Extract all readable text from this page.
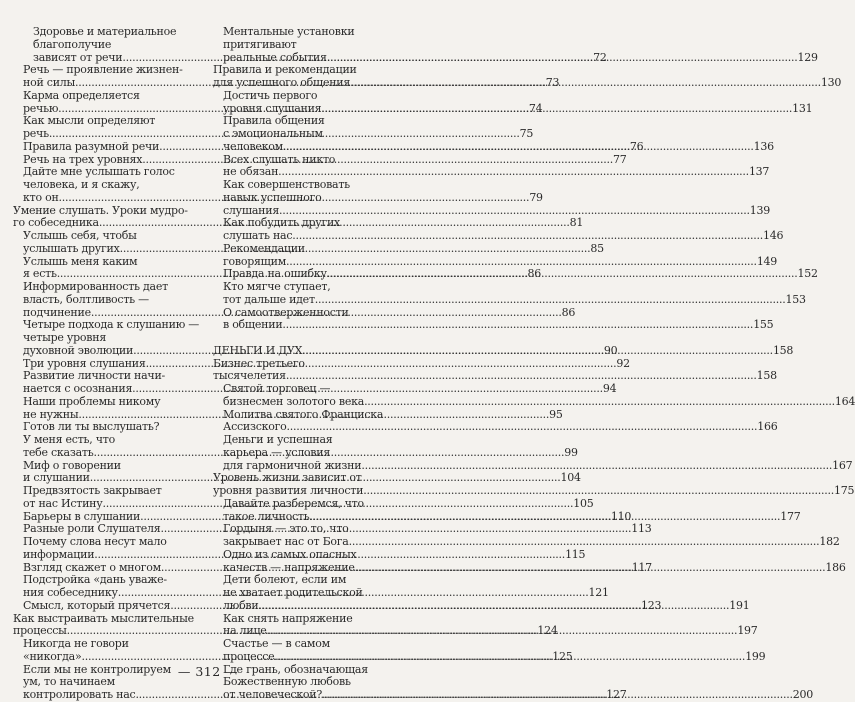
Здоровье и материальное
благополучие
зависят от речи .....	72
Речь — проявление жизнен-
ной силы .....	73
Карма определяется
речью .....	74
Как мысли определяют
речь .....	75
Правила разумной речи .....	76
Речь на трех уровнях .....	77
Дайте мне услышать голос
человека, и я скажу,
кто он .....	79
Умение слушать. Уроки мудро-
го собеседника .....	81
Услышь себя, чтобы
услышать других .....	85
Услышь меня каким
я есть .....	86
Информированность дает
власть, болтливость —
подчинение .....	86
Четыре подхода к слушанию —
четыре уровня
духовной эволюции .....	90
Три уровня слушания .....	92
Развитие личности начи-
нается с осознания .....	94
Наши проблемы никому
не нужны .....	95
Готов ли ты выслушать?
У меня есть, что
тебе сказать .....	99
Миф о говорении
и слушании .....	104
Предвзятость закрывает
от нас Истину .....	105
Барьеры в слушании .....	110
Разные роли Слушателя .....	113
Почему слова несут мало
информации .....	115
Взгляд скажет о многом .....	117
Подстройка «дань уваже-
ния собеседнику .....	121
Смысл, который прячется .....	123
Как выстраивать мыслительные
процессы .....	124
Никогда не говори
«никогда» .....	125
Если мы не контролируем
ум, то начинаем
контролировать нас .....	127
Ментальные установки
притягивают
реальные события .....	129
Правила и рекомендации
для успешного общения .....	130
Достичь первого
уровня слушания .....	131
Правила общения
с эмоциональным
человеком .....	136
Всех слушать никто
не обязан .....	137
Как совершенствовать
навык успешного
слушания .....	139
Как побудить других
слушать нас .....	146
Рекомендации
говорящим .....	149
Правда на ошибку .....	152
Кто мягче ступает,
тот дальше идет .....	153
О самоотверженности
в общении .....	155
ДЕНЬГИ И ДУХ .....	158
Бизнес третьего
тысячелетия .....	158
Святой торговец —
бизнесмен золотого века .....	164
Молитва святого Франциска
Ассизского .....	166
Деньги и успешная
карьера — условия
для гармоничной жизни .....	167
Уровень жизни зависит от
уровня развития личности .....	175
Давайте разберемся, что
такое личность .....	177
Гордыня — это то, что
закрывает нас от Бога .....	182
Одно из самых опасных
качеств — напряжение .....	186
Дети болеют, если им
не хватает родительской
любви .....	191
Как снять напряжение
на лице .....	197
Счастье — в самом
процессе .....	199
Где грань, обозначающая
Божественную любовь
от человеческой? .....	200
— 312 —
